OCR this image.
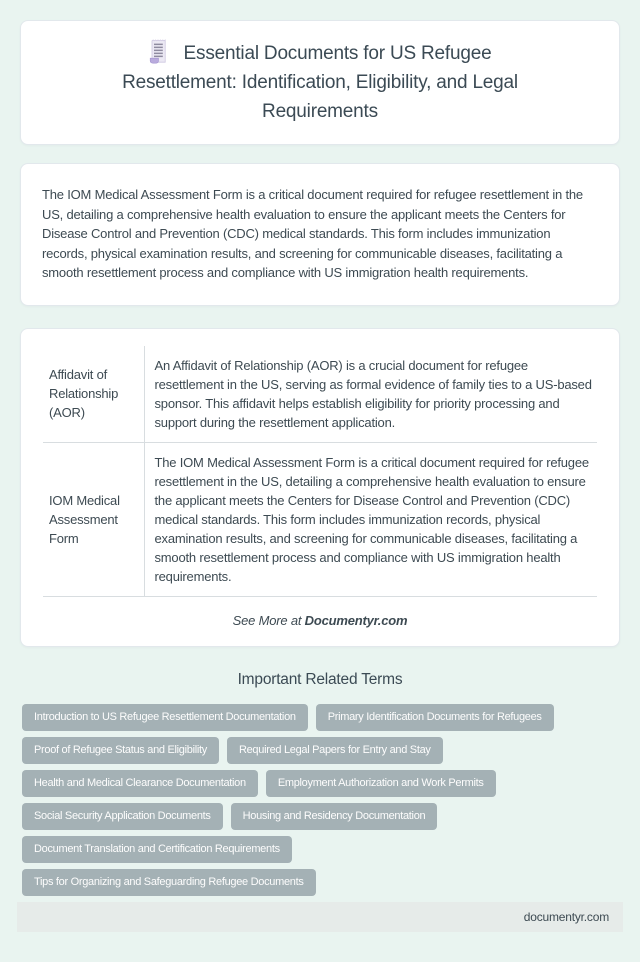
Essential Documents for US Refugee Resettlement: Identification, Eligibility, and Legal Requirements

The IOM Medical Assessment Form is a critical document required for refugee resettlement in the US, detailing a comprehensive health evaluation to ensure the applicant meets the Centers for Disease Control and Prevention (CDC) medical standards. This form includes immunization records, physical examination results, and screening for communicable diseases, facilitating a smooth resettlement process and compliance with US immigration health requirements.

Affidavit of Relationship (AOR)	An Affidavit of Relationship (AOR) is a crucial document for refugee resettlement in the US, serving as formal evidence of family ties to a US-based sponsor. This affidavit helps establish eligibility for priority processing and support during the resettlement application.
IOM Medical Assessment Form	The IOM Medical Assessment Form is a critical document required for refugee resettlement in the US, detailing a comprehensive health evaluation to ensure the applicant meets the Centers for Disease Control and Prevention (CDC) medical standards. This form includes immunization records, physical examination results, and screening for communicable diseases, facilitating a smooth resettlement process and compliance with US immigration health requirements.
See More at Documentyr.com
Important Related Terms
Introduction to US Refugee Resettlement Documentation	Primary Identification Documents for Refugees
Proof of Refugee Status and Eligibility	Required Legal Papers for Entry and Stay
Health and Medical Clearance Documentation	Employment Authorization and Work Permits
Social Security Application Documents	Housing and Residency Documentation
Document Translation and Certification Requirements
Tips for Organizing and Safeguarding Refugee Documents
documentyr.com
